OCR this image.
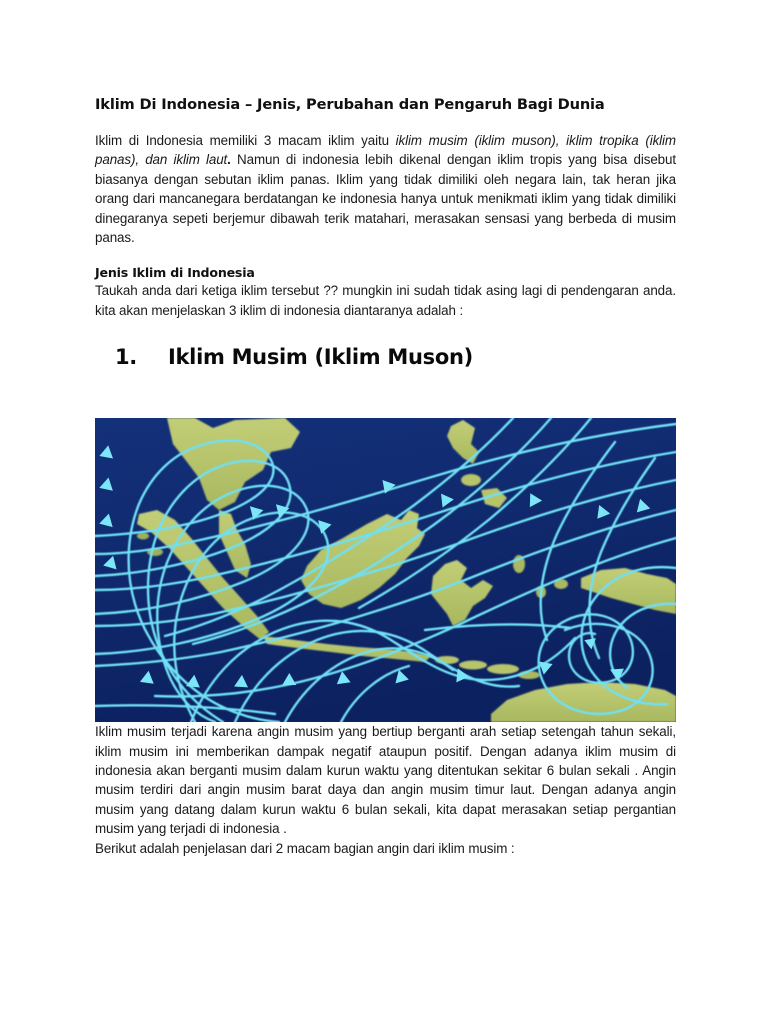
Iklim Di Indonesia – Jenis, Perubahan dan Pengaruh Bagi Dunia

Iklim di Indonesia memiliki 3 macam iklim yaitu iklim musim (iklim muson), iklim tropika (iklim panas), dan iklim laut. Namun di indonesia lebih dikenal dengan iklim tropis yang bisa disebut biasanya dengan sebutan iklim panas. Iklim yang tidak dimiliki oleh negara lain, tak heran jika orang dari mancanegara berdatangan ke indonesia hanya untuk menikmati iklim yang tidak dimiliki dinegaranya sepeti berjemur dibawah terik matahari, merasakan sensasi yang berbeda di musim panas.

Jenis Iklim di Indonesia

Taukah anda dari ketiga iklim tersebut ?? mungkin ini sudah tidak asing lagi di pendengaran anda. kita akan menjelaskan 3 iklim di indonesia diantaranya adalah :

1.	Iklim Musim (Iklim Muson)

Iklim musim terjadi karena angin musim yang bertiup berganti arah setiap setengah tahun sekali, iklim musim ini memberikan dampak negatif ataupun positif. Dengan adanya iklim musim di indonesia akan berganti musim dalam kurun waktu yang ditentukan sekitar 6 bulan sekali . Angin musim terdiri dari angin musim barat daya dan angin musim timur laut. Dengan adanya angin musim yang datang dalam kurun waktu 6 bulan sekali, kita dapat merasakan setiap pergantian musim yang terjadi di indonesia .

Berikut adalah penjelasan dari 2 macam bagian angin dari iklim musim :
